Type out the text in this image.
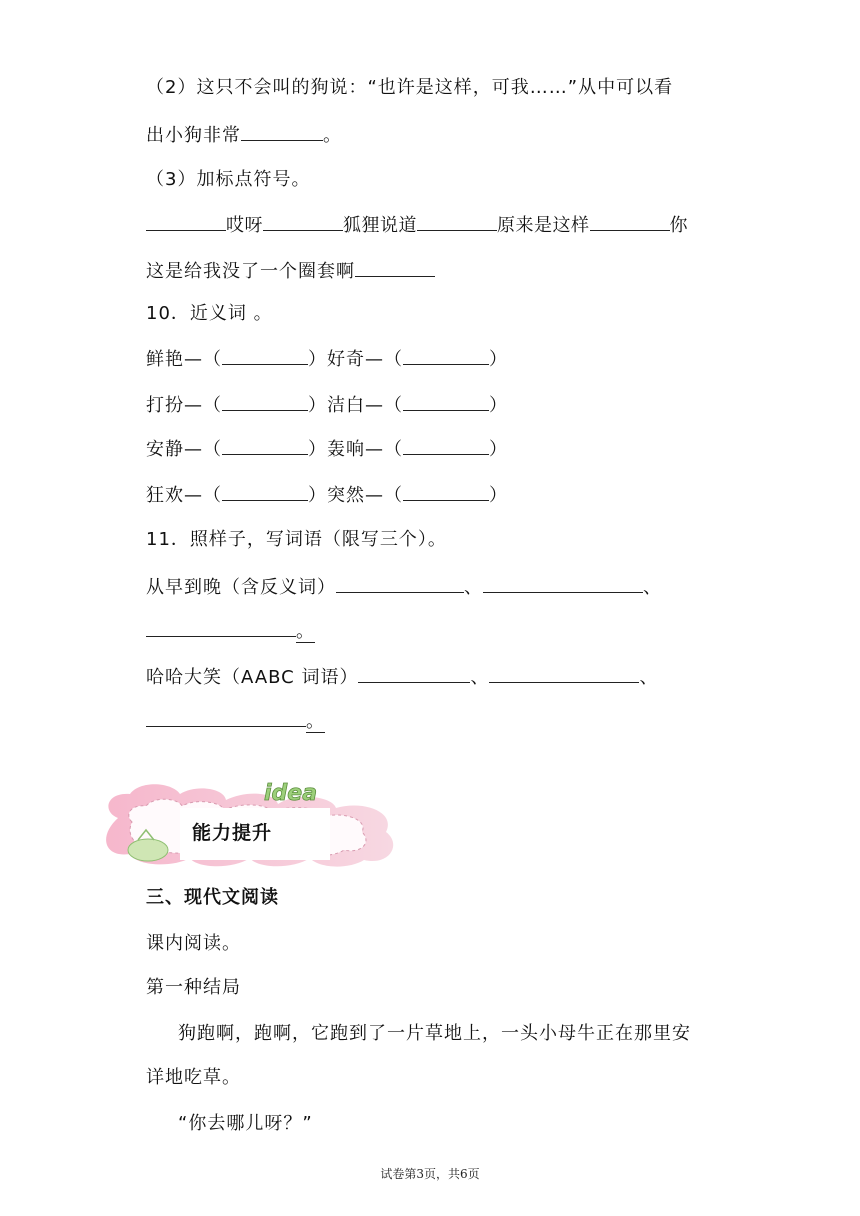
（2）这只不会叫的狗说：“也许是这样，可我……”从中可以看
出小狗非常	。
（3）加标点符号。
哎呀	狐狸说道	原来是这样	你
这是给我没了一个圈套啊
10．近义词 。
鲜艳—（	）好奇—（	）
打扮—（	）洁白—（	）
安静—（	）轰响—（	）
狂欢—（	）突然—（	）
11．照样子，写词语（限写三个）。
从早到晚（含反义词）	、	、
。
哈哈大笑（AABC 词语）	、	、
。
idea
能力提升
三、现代文阅读
课内阅读。
第一种结局
狗跑啊，跑啊，它跑到了一片草地上，一头小母牛正在那里安
详地吃草。
“你去哪儿呀？”
试卷第3页，共6页
